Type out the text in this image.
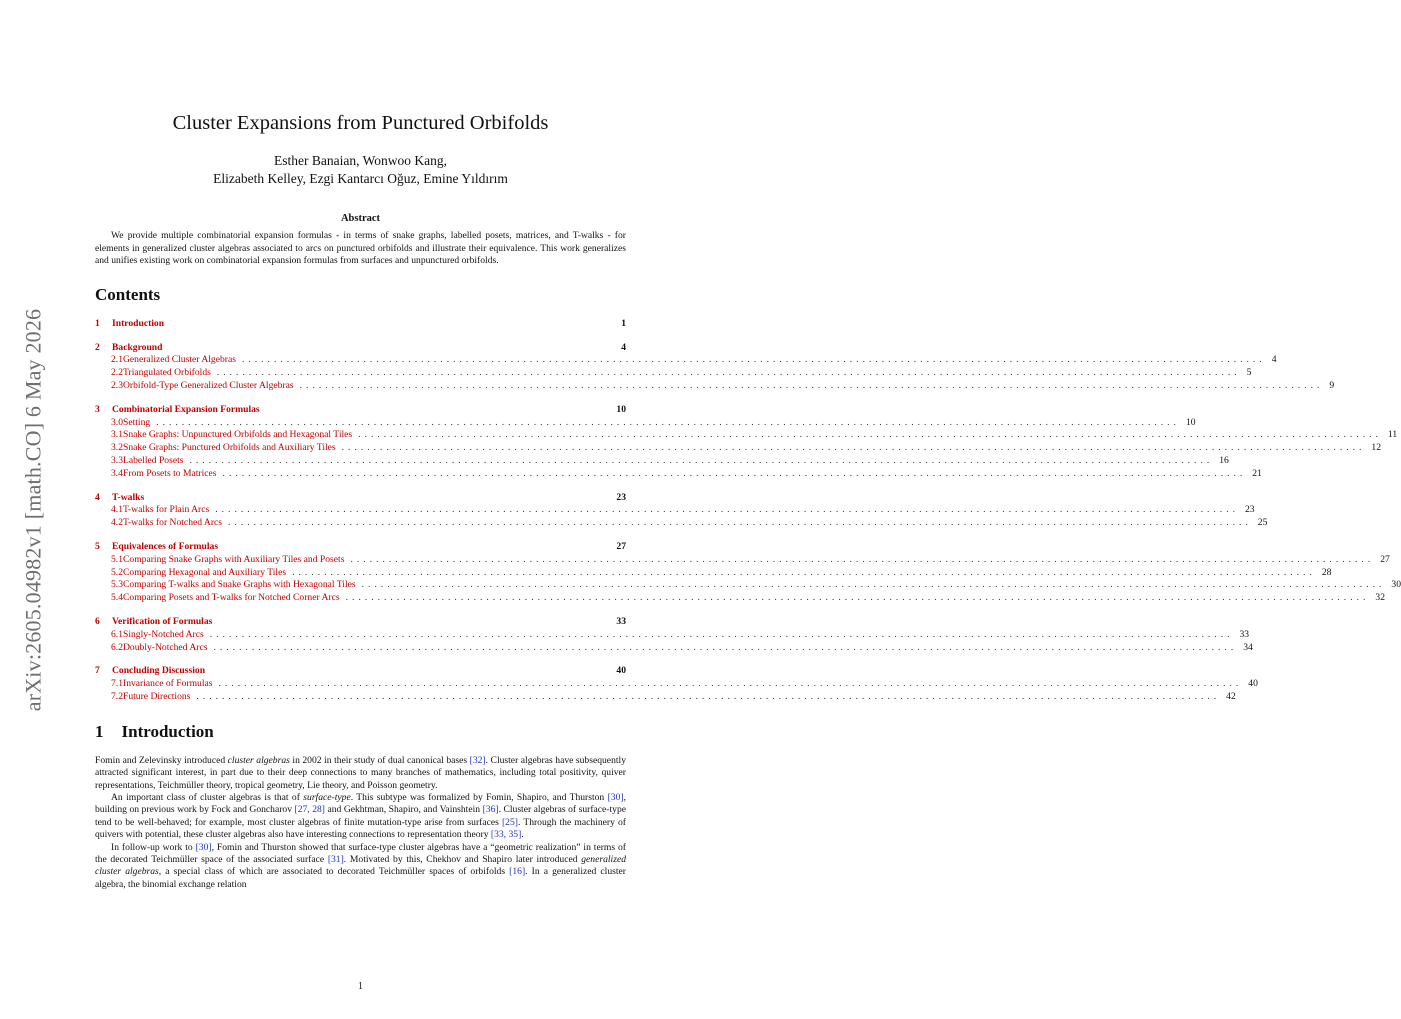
arXiv:2605.04982v1 [math.CO] 6 May 2026
Cluster Expansions from Punctured Orbifolds
Esther Banaian, Wonwoo Kang,
Elizabeth Kelley, Ezgi Kantarcı Oğuz, Emine Yıldırım
Abstract

We provide multiple combinatorial expansion formulas - in terms of snake graphs, labelled posets, matrices, and T-walks - for elements in generalized cluster algebras associated to arcs on punctured orbifolds and illustrate their equivalence. This work generalizes and unifies existing work on combinatorial expansion formulas from surfaces and unpunctured orbifolds.

Contents
1	Introduction	1
2	Background	4
2.1 Generalized Cluster Algebras ................................................................................................................................................................ 4
2.2 Triangulated Orbifolds ................................................................................................................................................................ 5
2.3 Orbifold-Type Generalized Cluster Algebras ................................................................................................................................................................ 9
3	Combinatorial Expansion Formulas	10
3.0 Setting ................................................................................................................................................................ 10
3.1 Snake Graphs: Unpunctured Orbifolds and Hexagonal Tiles ................................................................................................................................................................ 11
3.2 Snake Graphs: Punctured Orbifolds and Auxiliary Tiles ................................................................................................................................................................ 12
3.3 Labelled Posets ................................................................................................................................................................ 16
3.4 From Posets to Matrices ................................................................................................................................................................ 21
4	T-walks	23
4.1 T-walks for Plain Arcs ................................................................................................................................................................ 23
4.2 T-walks for Notched Arcs ................................................................................................................................................................ 25
5	Equivalences of Formulas	27
5.1 Comparing Snake Graphs with Auxiliary Tiles and Posets ................................................................................................................................................................ 27
5.2 Comparing Hexagonal and Auxiliary Tiles ................................................................................................................................................................ 28
5.3 Comparing T-walks and Snake Graphs with Hexagonal Tiles ................................................................................................................................................................ 30
5.4 Comparing Posets and T-walks for Notched Corner Arcs ................................................................................................................................................................ 32
6	Verification of Formulas	33
6.1 Singly-Notched Arcs ................................................................................................................................................................ 33
6.2 Doubly-Notched Arcs ................................................................................................................................................................ 34
7	Concluding Discussion	40
7.1 Invariance of Formulas ................................................................................................................................................................ 40
7.2 Future Directions ................................................................................................................................................................ 42
1 Introduction

Fomin and Zelevinsky introduced cluster algebras in 2002 in their study of dual canonical bases [32]. Cluster algebras have subsequently attracted significant interest, in part due to their deep connections to many branches of mathematics, including total positivity, quiver representations, Teichmüller theory, tropical geometry, Lie theory, and Poisson geometry.

An important class of cluster algebras is that of surface-type. This subtype was formalized by Fomin, Shapiro, and Thurston [30], building on previous work by Fock and Goncharov [27, 28] and Gekhtman, Shapiro, and Vainshtein [36]. Cluster algebras of surface-type tend to be well-behaved; for example, most cluster algebras of finite mutation-type arise from surfaces [25]. Through the machinery of quivers with potential, these cluster algebras also have interesting connections to representation theory [33, 35].

In follow-up work to [30], Fomin and Thurston showed that surface-type cluster algebras have a “geometric realization” in terms of the decorated Teichmüller space of the associated surface [31]. Motivated by this, Chekhov and Shapiro later introduced generalized cluster algebras, a special class of which are associated to decorated Teichmüller spaces of orbifolds [16]. In a generalized cluster algebra, the binomial exchange relation

1
